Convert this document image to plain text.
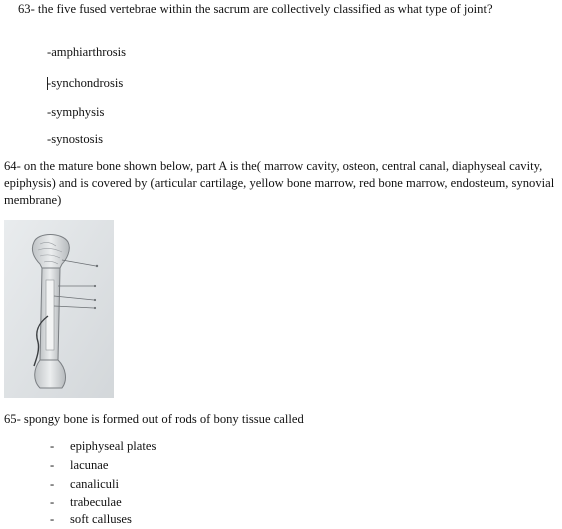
63- the five fused vertebrae within the sacrum are collectively classified as what type of joint?
-amphiarthrosis
-synchondrosis
-symphysis
-synostosis
64- on the mature bone shown below, part A is the( marrow cavity, osteon, central canal, diaphyseal cavity, epiphysis) and is covered by (articular cartilage, yellow bone marrow, red bone marrow, endosteum, synovial membrane)
65- spongy bone is formed out of rods of bony tissue called
- epiphyseal plates
- lacunae
- canaliculi
- trabeculae
- soft calluses
